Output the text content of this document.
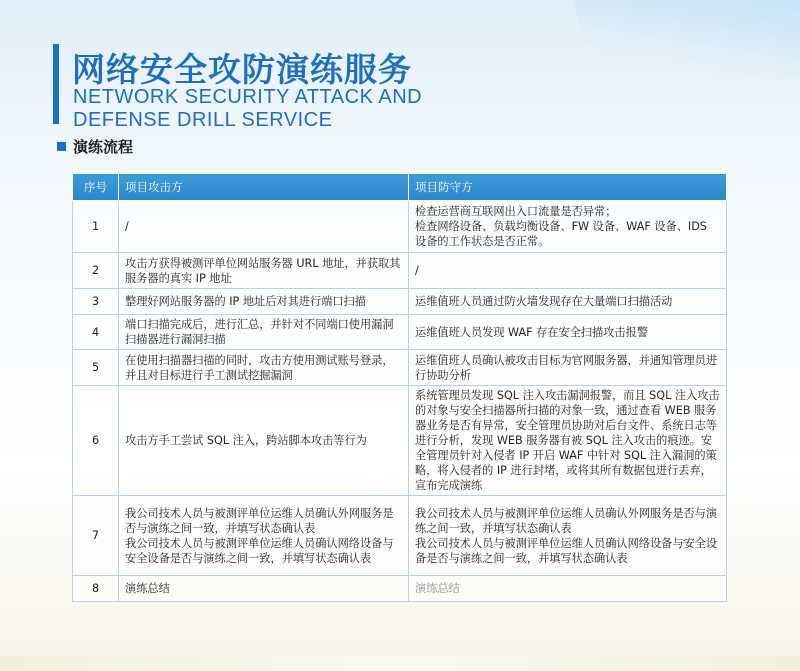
网络安全攻防演练服务
NETWORK SECURITY ATTACK AND DEFENSE DRILL SERVICE
演练流程
序号	项目攻击方	项目防守方
1	/	检查运营商互联网出入口流量是否异常；
检查网络设备、负载均衡设备、FW 设备、WAF 设备、IDS 设备的工作状态是否正常。
2	攻击方获得被测评单位网站服务器 URL 地址，并获取其服务器的真实 IP 地址	/
3	整理好网站服务器的 IP 地址后对其进行端口扫描	运维值班人员通过防火墙发现存在大量端口扫描活动
4	端口扫描完成后，进行汇总，并针对不同端口使用漏洞扫描器进行漏洞扫描	运维值班人员发现 WAF 存在安全扫描攻击报警
5	在使用扫描器扫描的同时，攻击方使用测试账号登录，并且对目标进行手工测试挖掘漏洞	运维值班人员确认被攻击目标为官网服务器，并通知管理员进行协助分析
6	攻击方手工尝试 SQL 注入，跨站脚本攻击等行为	系统管理员发现 SQL 注入攻击漏洞报警，而且 SQL 注入攻击的对象与安全扫描器所扫描的对象一致，通过查看 WEB 服务器业务是否有异常，安全管理员协助对后台文件、系统日志等进行分析，发现 WEB 服务器有被 SQL 注入攻击的痕迹。安全管理员针对入侵者 IP 开启 WAF 中针对 SQL 注入漏洞的策略，将入侵者的 IP 进行封堵，或将其所有数据包进行丢弃，宣布完成演练
7	我公司技术人员与被测评单位运维人员确认外网服务是否与演练之间一致，并填写状态确认表
我公司技术人员与被测评单位运维人员确认网络设备与安全设备是否与演练之间一致，并填写状态确认表	我公司技术人员与被测评单位运维人员确认外网服务是否与演练之间一致，并填写状态确认表
我公司技术人员与被测评单位运维人员确认网络设备与安全设备是否与演练之间一致，并填写状态确认表
8	演练总结	演练总结
